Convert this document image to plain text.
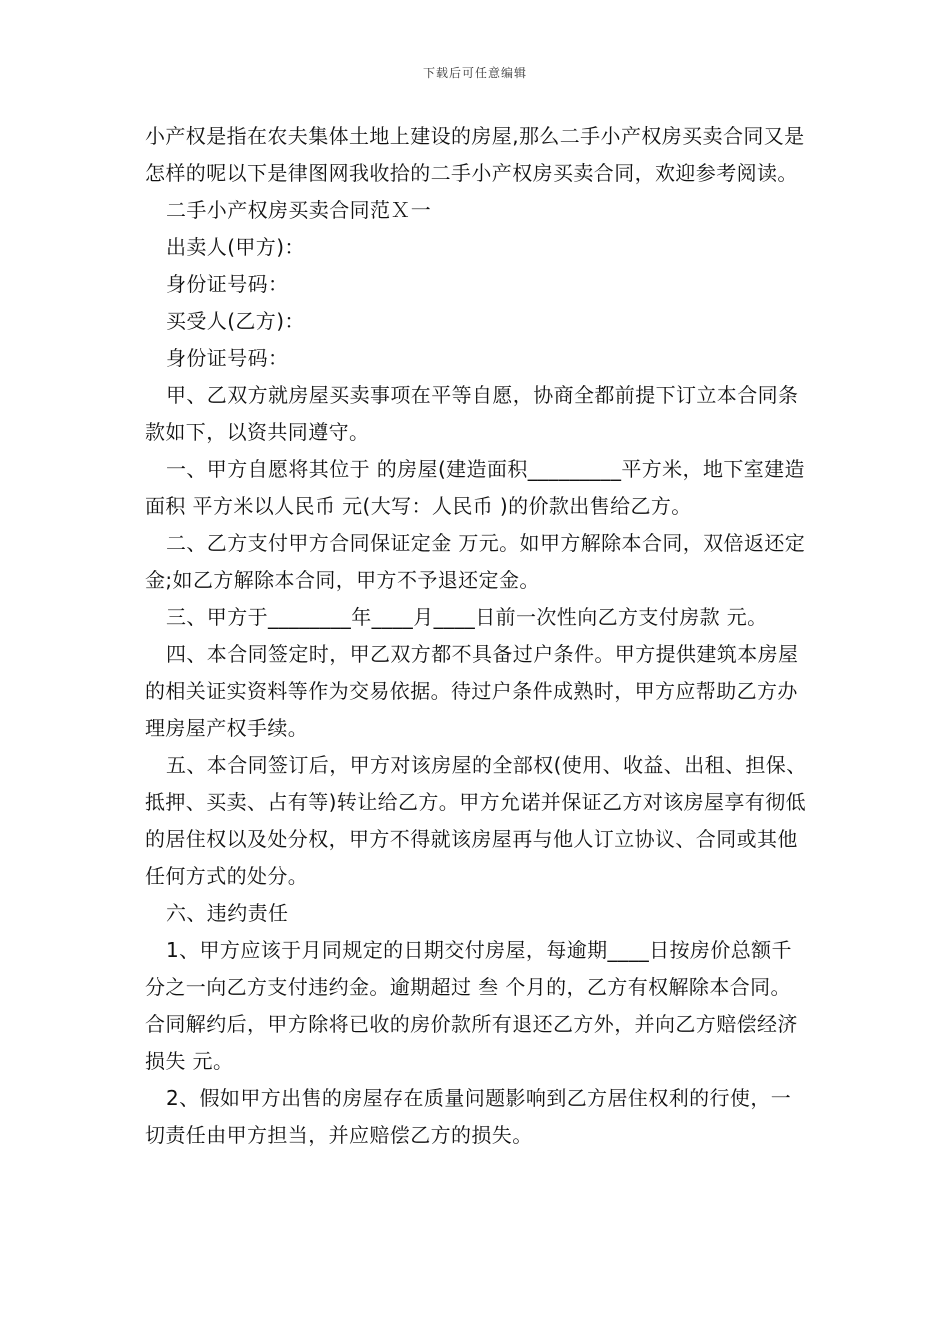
下载后可任意编辑

小产权是指在农夫集体土地上建设的房屋,那么二手小产权房买卖合同又是怎样的呢以下是律图网我收拾的二手小产权房买卖合同，欢迎参考阅读。

二手小产权房买卖合同范Ｘ一

出卖人(甲方)：

身份证号码：

买受人(乙方)：

身份证号码：

甲、乙双方就房屋买卖事项在平等自愿，协商全都前提下订立本合同条款如下，以资共同遵守。

一、甲方自愿将其位于 的房屋(建造面积_________平方米，地下室建造面积 平方米以人民币 元(大写：人民币 )的价款出售给乙方。

二、乙方支付甲方合同保证定金 万元。如甲方解除本合同，双倍返还定金;如乙方解除本合同，甲方不予退还定金。

三、甲方于________年____月____日前一次性向乙方支付房款 元。

四、本合同签定时，甲乙双方都不具备过户条件。甲方提供建筑本房屋的相关证实资料等作为交易依据。待过户条件成熟时，甲方应帮助乙方办理房屋产权手续。

五、本合同签订后，甲方对该房屋的全部权(使用、收益、出租、担保、抵押、买卖、占有等)转让给乙方。甲方允诺并保证乙方对该房屋享有彻低的居住权以及处分权，甲方不得就该房屋再与他人订立协议、合同或其他任何方式的处分。

六、违约责任

1、甲方应该于月同规定的日期交付房屋，每逾期____日按房价总额千分之一向乙方支付违约金。逾期超过 叁 个月的，乙方有权解除本合同。合同解约后，甲方除将已收的房价款所有退还乙方外，并向乙方赔偿经济损失 元。

2、假如甲方出售的房屋存在质量问题影响到乙方居住权利的行使，一切责任由甲方担当，并应赔偿乙方的损失。
